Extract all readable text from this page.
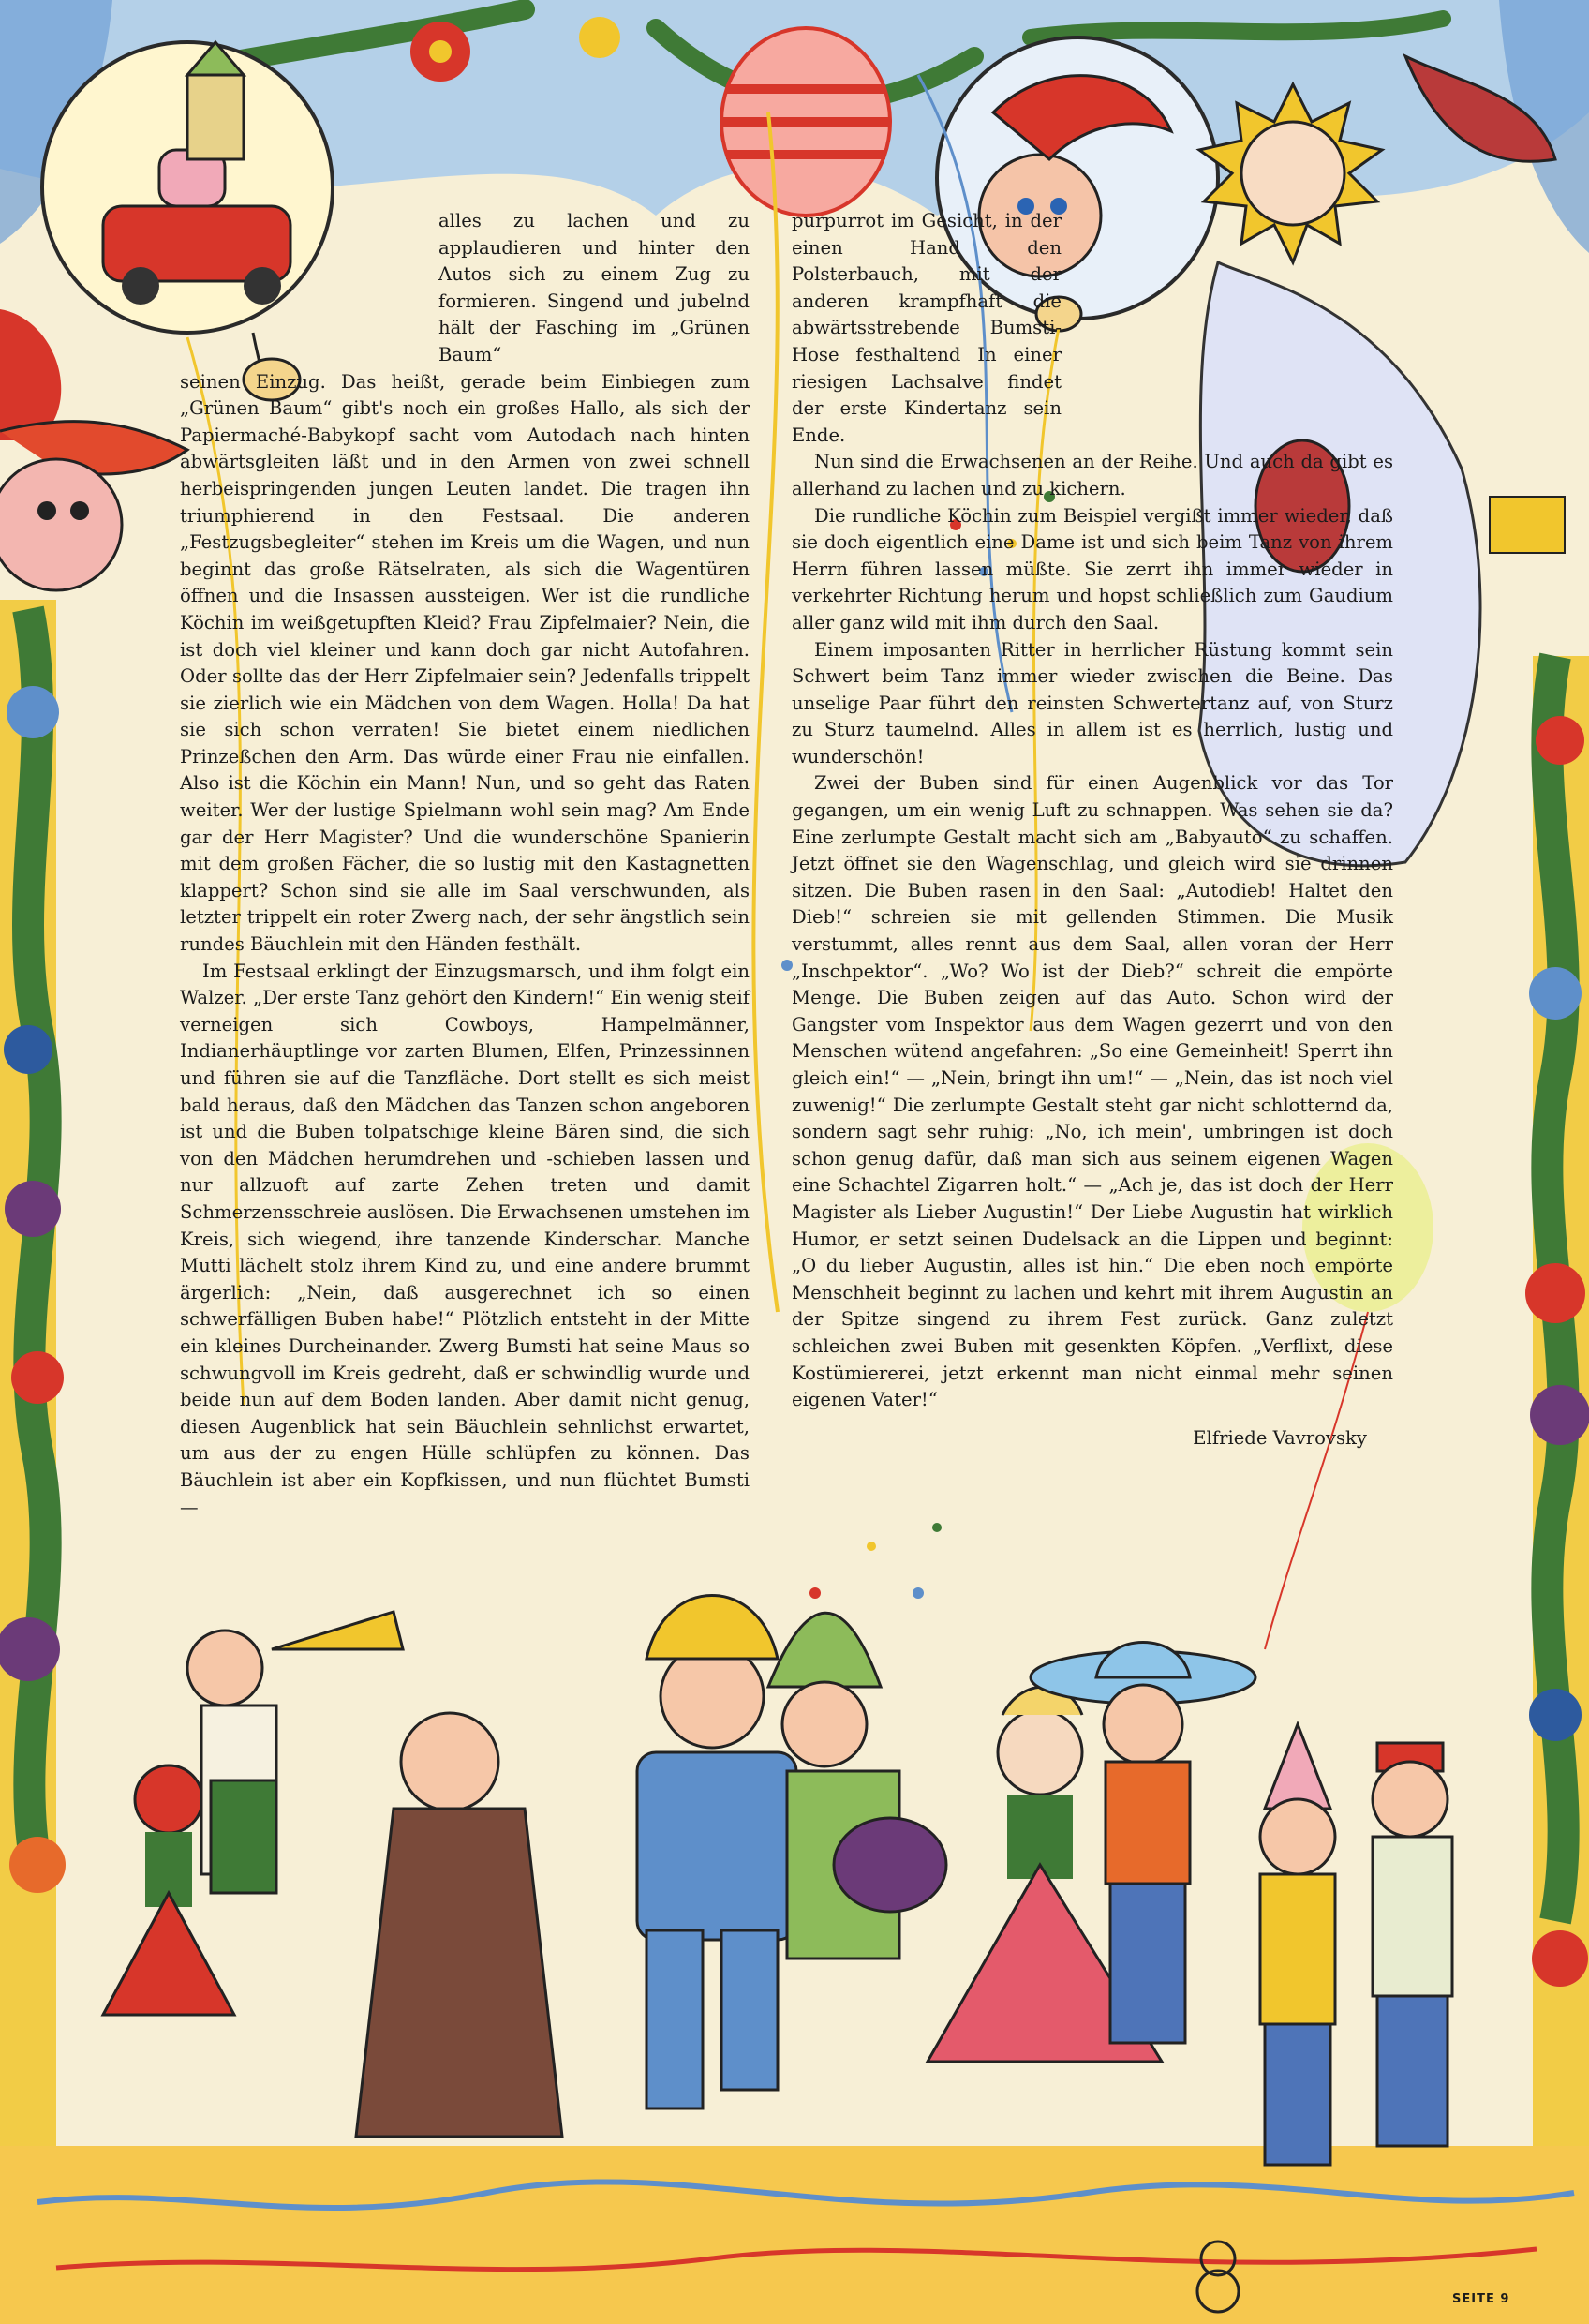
alles zu lachen und zu applaudieren und hinter den Autos sich zu einem Zug zu formieren. Singend und jubelnd hält der Fasching im „Grünen Baum“

seinen Einzug. Das heißt, gerade beim Einbiegen zum „Grünen Baum“ gibt's noch ein großes Hallo, als sich der Papiermaché-Babykopf sacht vom Autodach nach hinten abwärtsgleiten läßt und in den Armen von zwei schnell herbeispringenden jungen Leuten landet. Die tragen ihn triumphierend in den Festsaal. Die anderen „Festzugsbegleiter“ stehen im Kreis um die Wagen, und nun beginnt das große Rätselraten, als sich die Wagentüren öffnen und die Insassen aussteigen. Wer ist die rundliche Köchin im weißgetupften Kleid? Frau Zipfelmaier? Nein, die ist doch viel kleiner und kann doch gar nicht Autofahren. Oder sollte das der Herr Zipfelmaier sein? Jedenfalls trippelt sie zierlich wie ein Mädchen von dem Wagen. Holla! Da hat sie sich schon verraten! Sie bietet einem niedlichen Prinzeßchen den Arm. Das würde einer Frau nie einfallen. Also ist die Köchin ein Mann! Nun, und so geht das Raten weiter. Wer der lustige Spielmann wohl sein mag? Am Ende gar der Herr Magister? Und die wunderschöne Spanierin mit dem großen Fächer, die so lustig mit den Kastagnetten klappert? Schon sind sie alle im Saal verschwunden, als letzter trippelt ein roter Zwerg nach, der sehr ängstlich sein rundes Bäuchlein mit den Händen festhält.

Im Festsaal erklingt der Einzugsmarsch, und ihm folgt ein Walzer. „Der erste Tanz gehört den Kindern!“ Ein wenig steif verneigen sich Cowboys, Hampelmänner, Indianerhäuptlinge vor zarten Blumen, Elfen, Prinzessinnen und führen sie auf die Tanzfläche. Dort stellt es sich meist bald heraus, daß den Mädchen das Tanzen schon angeboren ist und die Buben tolpatschige kleine Bären sind, die sich von den Mädchen herumdrehen und -schieben lassen und nur allzuoft auf zarte Zehen treten und damit Schmerzensschreie auslösen. Die Erwachsenen umstehen im Kreis, sich wiegend, ihre tanzende Kinderschar. Manche Mutti lächelt stolz ihrem Kind zu, und eine andere brummt ärgerlich: „Nein, daß ausgerechnet ich so einen schwerfälligen Buben habe!“ Plötzlich entsteht in der Mitte ein kleines Durcheinander. Zwerg Bumsti hat seine Maus so schwungvoll im Kreis gedreht, daß er schwindlig wurde und beide nun auf dem Boden landen. Aber damit nicht genug, diesen Augenblick hat sein Bäuchlein sehnlichst erwartet, um aus der zu engen Hülle schlüpfen zu können. Das Bäuchlein ist aber ein Kopfkissen, und nun flüchtet Bumsti —

purpurrot im Gesicht, in der einen Hand den Polsterbauch, mit der anderen krampfhaft die abwärtsstrebende Bumsti-Hose festhaltend In einer riesigen Lachsalve findet der erste Kindertanz sein Ende.

Nun sind die Erwachsenen an der Reihe. Und auch da gibt es allerhand zu lachen und zu kichern.

Die rundliche Köchin zum Beispiel vergißt immer wieder, daß sie doch eigentlich eine Dame ist und sich beim Tanz von ihrem Herrn führen lassen müßte. Sie zerrt ihn immer wieder in verkehrter Richtung herum und hopst schließlich zum Gaudium aller ganz wild mit ihm durch den Saal.

Einem imposanten Ritter in herrlicher Rüstung kommt sein Schwert beim Tanz immer wieder zwischen die Beine. Das unselige Paar führt den reinsten Schwertertanz auf, von Sturz zu Sturz taumelnd. Alles in allem ist es herrlich, lustig und wunderschön!

Zwei der Buben sind für einen Augenblick vor das Tor gegangen, um ein wenig Luft zu schnappen. Was sehen sie da? Eine zerlumpte Gestalt macht sich am „Babyauto“ zu schaffen. Jetzt öffnet sie den Wagenschlag, und gleich wird sie drinnen sitzen. Die Buben rasen in den Saal: „Autodieb! Haltet den Dieb!“ schreien sie mit gellenden Stimmen. Die Musik verstummt, alles rennt aus dem Saal, allen voran der Herr „Inschpektor“. „Wo? Wo ist der Dieb?“ schreit die empörte Menge. Die Buben zeigen auf das Auto. Schon wird der Gangster vom Inspektor aus dem Wagen gezerrt und von den Menschen wütend angefahren: „So eine Gemeinheit! Sperrt ihn gleich ein!“ — „Nein, bringt ihn um!“ — „Nein, das ist noch viel zuwenig!“ Die zerlumpte Gestalt steht gar nicht schlotternd da, sondern sagt sehr ruhig: „No, ich mein', umbringen ist doch schon genug dafür, daß man sich aus seinem eigenen Wagen eine Schachtel Zigarren holt.“ — „Ach je, das ist doch der Herr Magister als Lieber Augustin!“ Der Liebe Augustin hat wirklich Humor, er setzt seinen Dudelsack an die Lippen und beginnt: „O du lieber Augustin, alles ist hin.“ Die eben noch empörte Menschheit beginnt zu lachen und kehrt mit ihrem Augustin an der Spitze singend zu ihrem Fest zurück. Ganz zuletzt schleichen zwei Buben mit gesenkten Köpfen. „Verflixt, diese Kostümiererei, jetzt erkennt man nicht einmal mehr seinen eigenen Vater!“

Elfriede Vavrovsky

SEITE 9
